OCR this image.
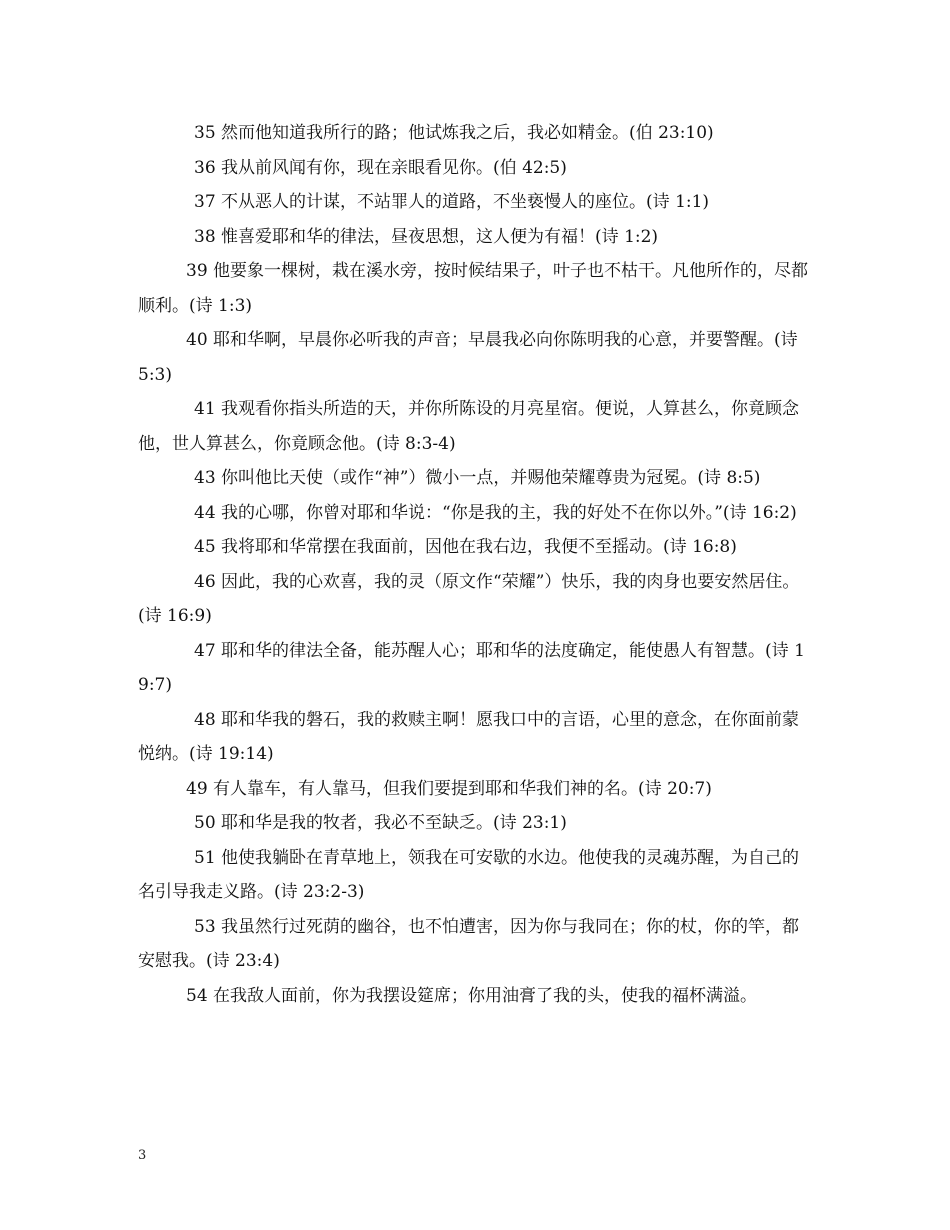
35 然而他知道我所行的路；他试炼我之后，我必如精金。(伯 23:10)

36 我从前风闻有你，现在亲眼看见你。(伯 42:5)

37 不从恶人的计谋，不站罪人的道路，不坐亵慢人的座位。(诗 1:1)

38 惟喜爱耶和华的律法，昼夜思想，这人便为有福！(诗 1:2)

39 他要象一棵树，栽在溪水旁，按时候结果子，叶子也不枯干。凡他所作的，尽都顺利。(诗 1:3)

40 耶和华啊，早晨你必听我的声音；早晨我必向你陈明我的心意，并要警醒。(诗 5:3)

41 我观看你指头所造的天，并你所陈设的月亮星宿。便说，人算甚么，你竟顾念他，世人算甚么，你竟顾念他。(诗 8:3-4)

43 你叫他比天使（或作“神”）微小一点，并赐他荣耀尊贵为冠冕。(诗 8:5)

44 我的心哪，你曾对耶和华说：“你是我的主，我的好处不在你以外。”(诗 16:2)

45 我将耶和华常摆在我面前，因他在我右边，我便不至摇动。(诗 16:8)

46 因此，我的心欢喜，我的灵（原文作“荣耀”）快乐，我的肉身也要安然居住。(诗 16:9)

47 耶和华的律法全备，能苏醒人心；耶和华的法度确定，能使愚人有智慧。(诗 19:7)

48 耶和华我的磐石，我的救赎主啊！愿我口中的言语，心里的意念，在你面前蒙悦纳。(诗 19:14)

49 有人靠车，有人靠马，但我们要提到耶和华我们神的名。(诗 20:7)

50 耶和华是我的牧者，我必不至缺乏。(诗 23:1)

51 他使我躺卧在青草地上，领我在可安歇的水边。他使我的灵魂苏醒，为自己的名引导我走义路。(诗 23:2-3)

53 我虽然行过死荫的幽谷，也不怕遭害，因为你与我同在；你的杖，你的竿，都安慰我。(诗 23:4)

54 在我敌人面前，你为我摆设筵席；你用油膏了我的头，使我的福杯满溢。

3
